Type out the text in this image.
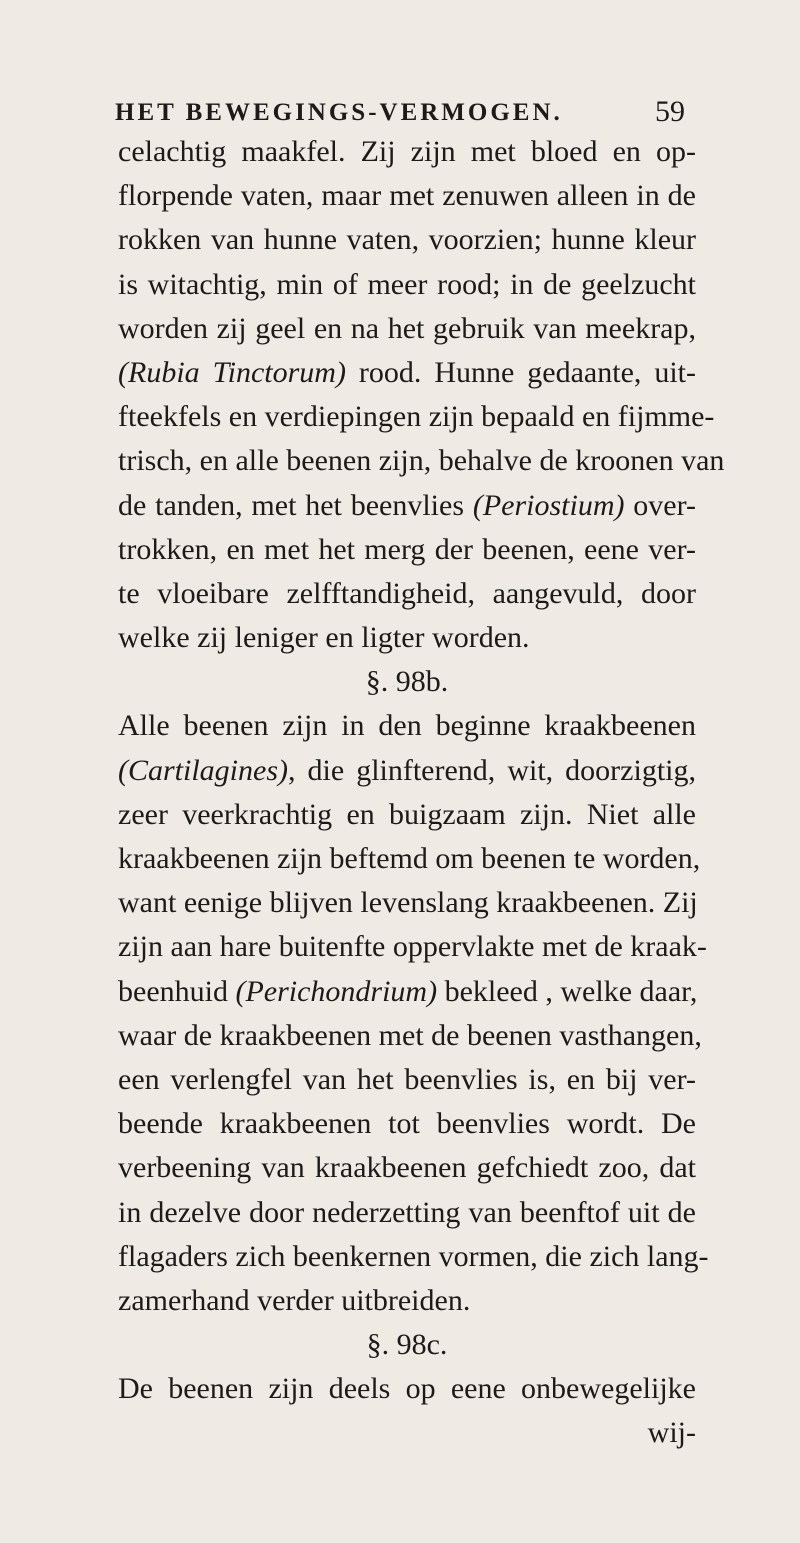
HET BEWEGINGS-VERMOGEN.	59
celachtig maakfel. Zij zijn met bloed en op-
florpende vaten, maar met zenuwen alleen in de
rokken van hunne vaten, voorzien; hunne kleur
is witachtig, min of meer rood; in de geelzucht
worden zij geel en na het gebruik van meekrap,
(Rubia Tinctorum) rood. Hunne gedaante, uit-
fteekfels en verdiepingen zijn bepaald en fijmme-
trisch, en alle beenen zijn, behalve de kroonen van
de tanden, met het beenvlies (Periostium) over-
trokken, en met het merg der beenen, eene ver-
te vloeibare zelfftandigheid, aangevuld, door
welke zij leniger en ligter worden.
§. 98b.
Alle beenen zijn in den beginne kraakbeenen
(Cartilagines), die glinfterend, wit, doorzigtig,
zeer veerkrachtig en buigzaam zijn. Niet alle
kraakbeenen zijn beftemd om beenen te worden,
want eenige blijven levenslang kraakbeenen. Zij
zijn aan hare buitenfte oppervlakte met de kraak-
beenhuid (Perichondrium) bekleed , welke daar,
waar de kraakbeenen met de beenen vasthangen,
een verlengfel van het beenvlies is, en bij ver-
beende kraakbeenen tot beenvlies wordt. De
verbeening van kraakbeenen gefchiedt zoo, dat
in dezelve door nederzetting van beenftof uit de
flagaders zich beenkernen vormen, die zich lang-
zamerhand verder uitbreiden.
§. 98c.
De beenen zijn deels op eene onbewegelijke
wij-
